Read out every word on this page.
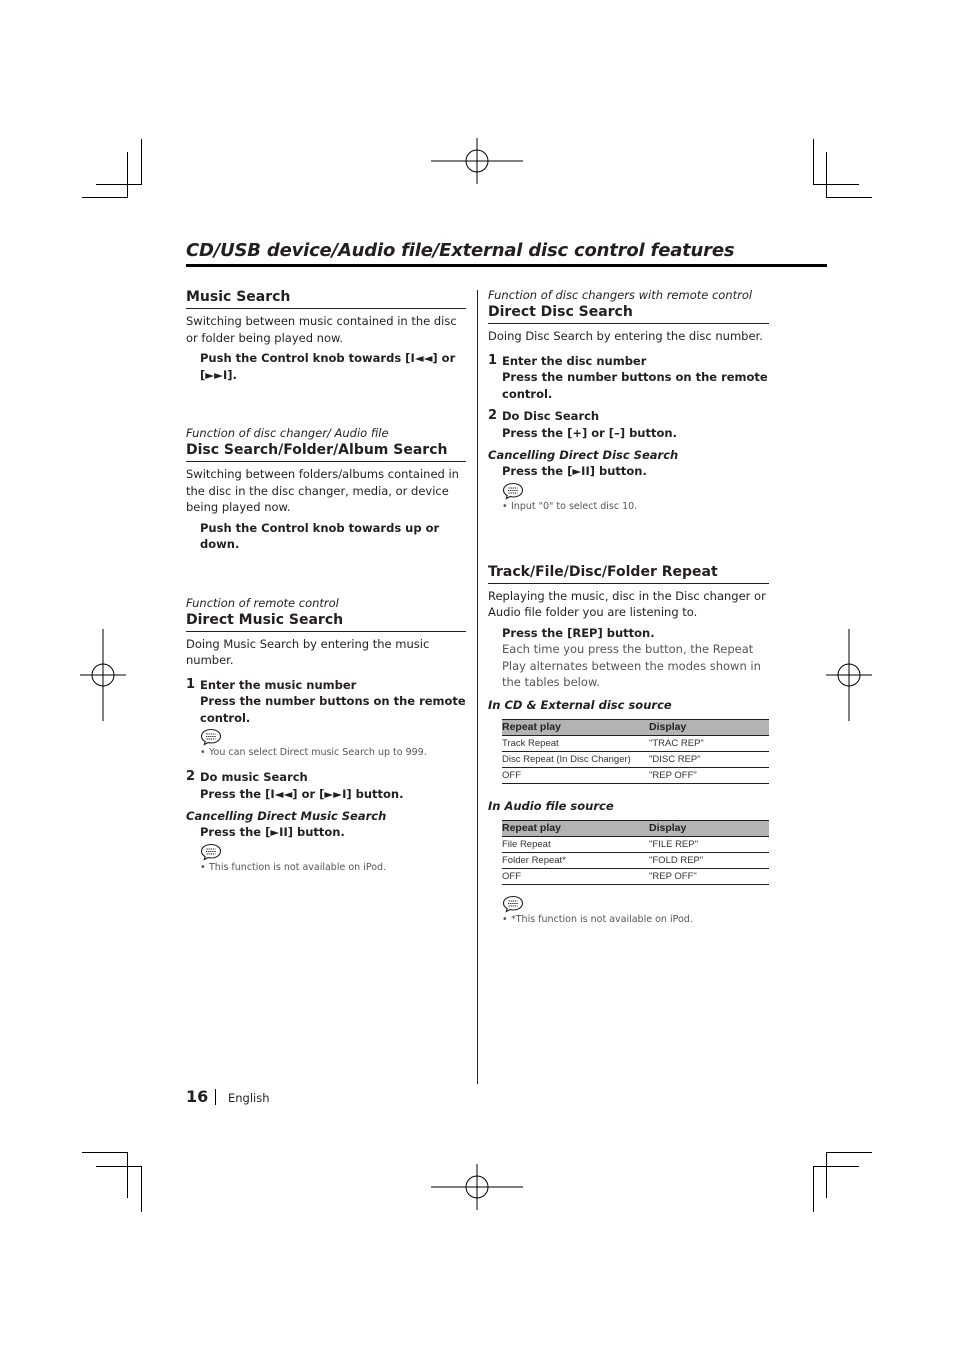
CD/USB device/Audio file/External disc control features
Music Search
Switching between music contained in the disc or folder being played now.
Push the Control knob towards [I◄◄] or [►►I].
Function of disc changer/ Audio file
Disc Search/Folder/Album Search
Switching between folders/albums contained in the disc in the disc changer, media, or device being played now.
Push the Control knob towards up or down.
Function of remote control
Direct Music Search
Doing Music Search by entering the music number.
1 Enter the music number
Press the number buttons on the remote control.
• You can select Direct music Search up to 999.
2 Do music Search
Press the [I◄◄] or [►►I] button.
Cancelling Direct Music Search
Press the [►II] button.
• This function is not available on iPod.
Function of disc changers with remote control
Direct Disc Search
Doing Disc Search by entering the disc number.
1 Enter the disc number
Press the number buttons on the remote control.
2 Do Disc Search
Press the [+] or [–] button.
Cancelling Direct Disc Search
Press the [►II] button.
• Input "0" to select disc 10.
Track/File/Disc/Folder Repeat
Replaying the music, disc in the Disc changer or Audio file folder you are listening to.
Press the [REP] button.
Each time you press the button, the Repeat Play alternates between the modes shown in the tables below.
In CD & External disc source
Repeat play	Display
Track Repeat	"TRAC REP"
Disc Repeat (In Disc Changer)	"DISC REP"
OFF	"REP OFF"
In Audio file source
Repeat play	Display
File Repeat	"FILE REP"
Folder Repeat*	"FOLD REP"
OFF	"REP OFF"
• *This function is not available on iPod.
16 English
